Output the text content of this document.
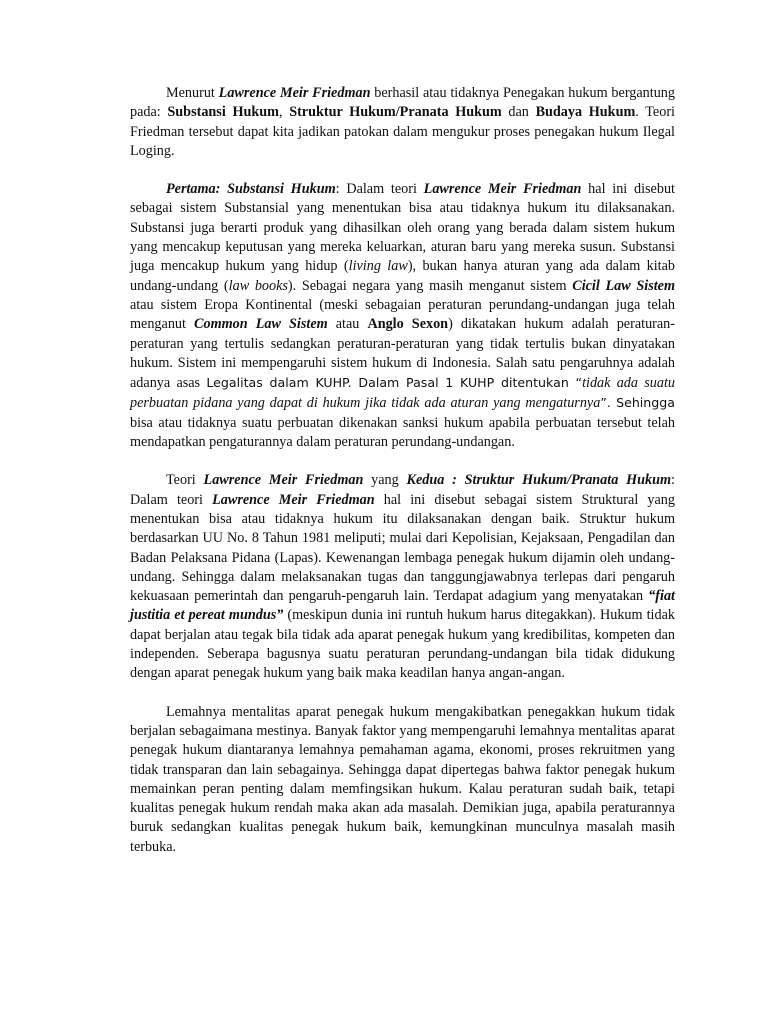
Menurut Lawrence Meir Friedman berhasil atau tidaknya Penegakan hukum bergantung pada: Substansi Hukum, Struktur Hukum/Pranata Hukum dan Budaya Hukum. Teori Friedman tersebut dapat kita jadikan patokan dalam mengukur proses penegakan hukum Ilegal Loging.

Pertama: Substansi Hukum: Dalam teori Lawrence Meir Friedman hal ini disebut sebagai sistem Substansial yang menentukan bisa atau tidaknya hukum itu dilaksanakan. Substansi juga berarti produk yang dihasilkan oleh orang yang berada dalam sistem hukum yang mencakup keputusan yang mereka keluarkan, aturan baru yang mereka susun. Substansi juga mencakup hukum yang hidup (living law), bukan hanya aturan yang ada dalam kitab undang-undang (law books). Sebagai negara yang masih menganut sistem Cicil Law Sistem atau sistem Eropa Kontinental (meski sebagaian peraturan perundang-undangan juga telah menganut Common Law Sistem atau Anglo Sexon) dikatakan hukum adalah peraturan-peraturan yang tertulis sedangkan peraturan-peraturan yang tidak tertulis bukan dinyatakan hukum. Sistem ini mempengaruhi sistem hukum di Indonesia. Salah satu pengaruhnya adalah adanya asas Legalitas dalam KUHP. Dalam Pasal 1 KUHP ditentukan “tidak ada suatu perbuatan pidana yang dapat di hukum jika tidak ada aturan yang mengaturnya”. Sehingga bisa atau tidaknya suatu perbuatan dikenakan sanksi hukum apabila perbuatan tersebut telah mendapatkan pengaturannya dalam peraturan perundang-undangan.

Teori Lawrence Meir Friedman yang Kedua : Struktur Hukum/Pranata Hukum: Dalam teori Lawrence Meir Friedman hal ini disebut sebagai sistem Struktural yang menentukan bisa atau tidaknya hukum itu dilaksanakan dengan baik. Struktur hukum berdasarkan UU No. 8 Tahun 1981 meliputi; mulai dari Kepolisian, Kejaksaan, Pengadilan dan Badan Pelaksana Pidana (Lapas). Kewenangan lembaga penegak hukum dijamin oleh undang-undang. Sehingga dalam melaksanakan tugas dan tanggungjawabnya terlepas dari pengaruh kekuasaan pemerintah dan pengaruh-pengaruh lain. Terdapat adagium yang menyatakan “fiat justitia et pereat mundus” (meskipun dunia ini runtuh hukum harus ditegakkan). Hukum tidak dapat berjalan atau tegak bila tidak ada aparat penegak hukum yang kredibilitas, kompeten dan independen. Seberapa bagusnya suatu peraturan perundang-undangan bila tidak didukung dengan aparat penegak hukum yang baik maka keadilan hanya angan-angan.

Lemahnya mentalitas aparat penegak hukum mengakibatkan penegakkan hukum tidak berjalan sebagaimana mestinya. Banyak faktor yang mempengaruhi lemahnya mentalitas aparat penegak hukum diantaranya lemahnya pemahaman agama, ekonomi, proses rekruitmen yang tidak transparan dan lain sebagainya. Sehingga dapat dipertegas bahwa faktor penegak hukum memainkan peran penting dalam memfingsikan hukum. Kalau peraturan sudah baik, tetapi kualitas penegak hukum rendah maka akan ada masalah. Demikian juga, apabila peraturannya buruk sedangkan kualitas penegak hukum baik, kemungkinan munculnya masalah masih terbuka.
